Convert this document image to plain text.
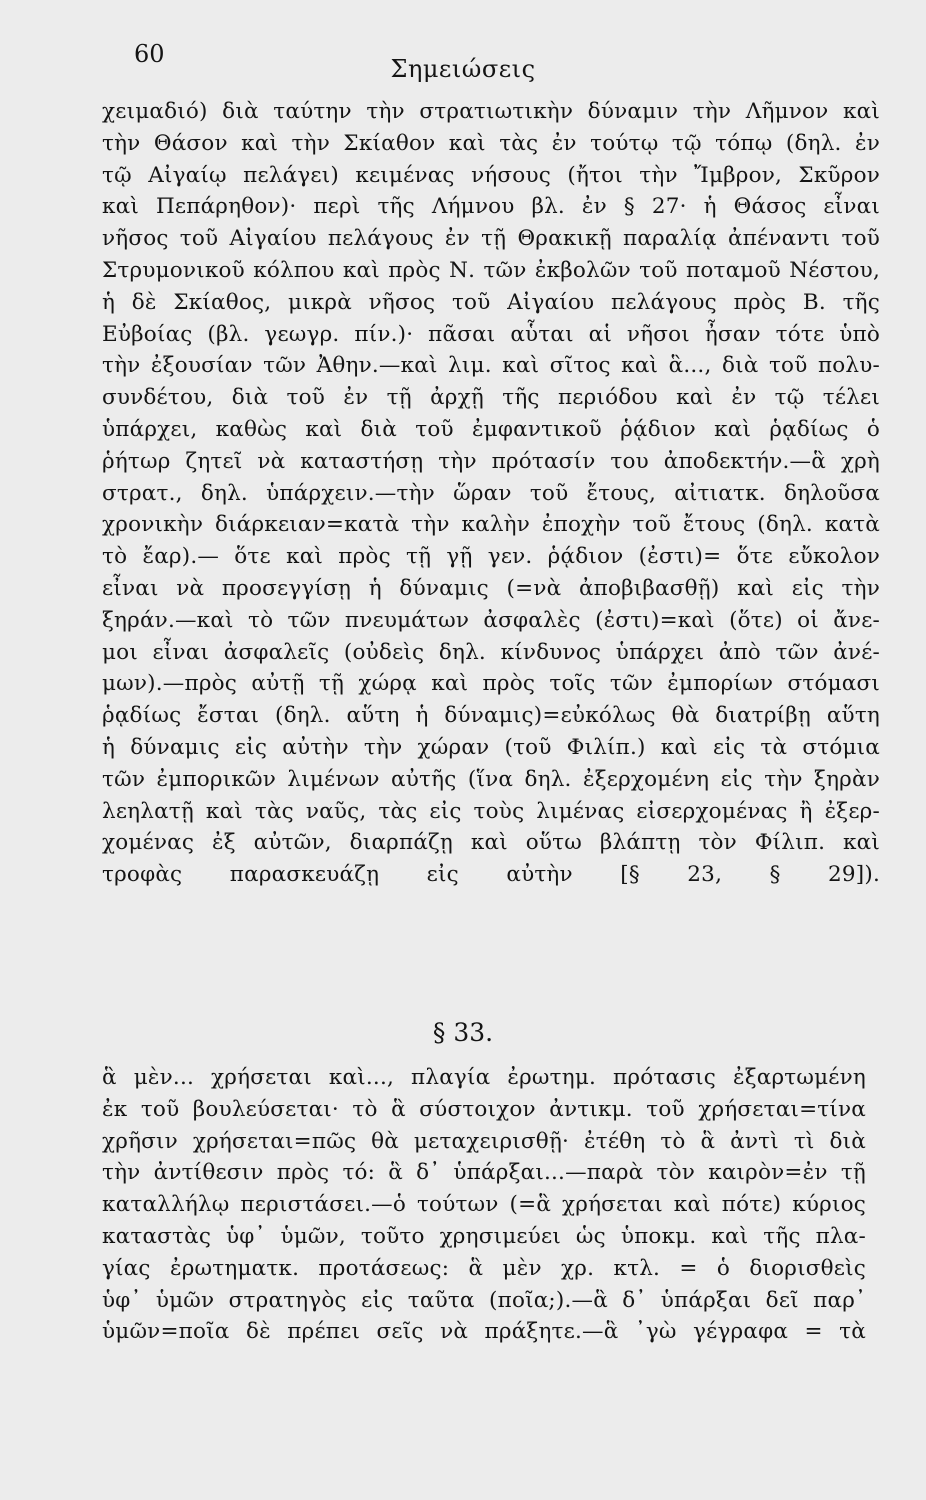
60
Σημειώσεις
χειμαδιό) διὰ ταύτην τὴν στρατιωτικὴν δύναμιν τὴν Λῆμνον καὶ
τὴν Θάσον καὶ τὴν Σκίαθον καὶ τὰς ἐν τούτῳ τῷ τόπῳ (δηλ. ἐν
τῷ Αἰγαίῳ πελάγει) κειμένας νήσους (ἤτοι τὴν Ἴμβρον, Σκῦρον
καὶ Πεπάρηθον)· περὶ τῆς Λήμνου βλ. ἐν § 27· ἡ Θάσος εἶναι
νῆσος τοῦ Αἰγαίου πελάγους ἐν τῇ Θρακικῇ παραλίᾳ ἀπέναντι τοῦ
Στρυμονικοῦ κόλπου καὶ πρὸς Ν. τῶν ἐκβολῶν τοῦ ποταμοῦ Νέστου,
ἡ δὲ Σκίαθος, μικρὰ νῆσος τοῦ Αἰγαίου πελάγους πρὸς Β. τῆς
Εὐβοίας (βλ. γεωγρ. πίν.)· πᾶσαι αὗται αἱ νῆσοι ἦσαν τότε ὑπὸ
τὴν ἐξουσίαν τῶν Ἀθην.—καὶ λιμ. καὶ σῖτος καὶ ἃ..., διὰ τοῦ πολυ-
συνδέτου, διὰ τοῦ ἐν τῇ ἀρχῇ τῆς περιόδου καὶ ἐν τῷ τέλει
ὑπάρχει, καθὼς καὶ διὰ τοῦ ἐμφαντικοῦ ῥᾴδιον καὶ ῥᾳδίως ὁ
ῥήτωρ ζητεῖ νὰ καταστήσῃ τὴν πρότασίν του ἀποδεκτήν.—ἃ χρὴ
στρατ., δηλ. ὑπάρχειν.—τὴν ὥραν τοῦ ἔτους, αἰτιατκ. δηλοῦσα
χρονικὴν διάρκειαν=κατὰ τὴν καλὴν ἐποχὴν τοῦ ἔτους (δηλ. κατὰ
τὸ ἔαρ).— ὅτε καὶ πρὸς τῇ γῇ γεν. ῥᾴδιον (ἐστι)= ὅτε εὔκολον
εἶναι νὰ προσεγγίσῃ ἡ δύναμις (=νὰ ἀποβιβασθῇ) καὶ εἰς τὴν
ξηράν.—καὶ τὸ τῶν πνευμάτων ἀσφαλὲς (ἐστι)=καὶ (ὅτε) οἱ ἄνε-
μοι εἶναι ἀσφαλεῖς (οὐδεὶς δηλ. κίνδυνος ὑπάρχει ἀπὸ τῶν ἀνέ-
μων).—πρὸς αὐτῇ τῇ χώρᾳ καὶ πρὸς τοῖς τῶν ἐμπορίων στόμασι
ῥᾳδίως ἔσται (δηλ. αὕτη ἡ δύναμις)=εὐκόλως θὰ διατρίβῃ αὕτη
ἡ δύναμις εἰς αὐτὴν τὴν χώραν (τοῦ Φιλίπ.) καὶ εἰς τὰ στόμια
τῶν ἐμπορικῶν λιμένων αὐτῆς (ἵνα δηλ. ἐξερχομένη εἰς τὴν ξηρὰν
λεηλατῇ καὶ τὰς ναῦς, τὰς εἰς τοὺς λιμένας εἰσερχομένας ἢ ἐξερ-
χομένας ἐξ αὐτῶν, διαρπάζῃ καὶ οὕτω βλάπτῃ τὸν Φίλιπ. καὶ
τροφὰς παρασκευάζῃ εἰς αὐτὴν [§ 23, § 29]).
§ 33.
ἃ μὲν... χρήσεται καὶ..., πλαγία ἐρωτημ. πρότασις ἐξαρτωμένη
ἐκ τοῦ βουλεύσεται· τὸ ἃ σύστοιχον ἀντικμ. τοῦ χρήσεται=τίνα
χρῆσιν χρήσεται=πῶς θὰ μεταχειρισθῇ· ἐτέθη τὸ ἃ ἀντὶ τὶ διὰ
τὴν ἀντίθεσιν πρὸς τό: ἃ δ᾽ ὑπάρξαι...—παρὰ τὸν καιρὸν=ἐν τῇ
καταλλήλῳ περιστάσει.—ὁ τούτων (=ἃ χρήσεται καὶ πότε) κύριος
καταστὰς ὑφ᾽ ὑμῶν, τοῦτο χρησιμεύει ὡς ὑποκμ. καὶ τῆς πλα-
γίας ἐρωτηματκ. προτάσεως: ἃ μὲν χρ. κτλ. = ὁ διορισθεὶς
ὑφ᾽ ὑμῶν στρατηγὸς εἰς ταῦτα (ποῖα;).—ἃ δ᾽ ὑπάρξαι δεῖ παρ᾽
ὑμῶν=ποῖα δὲ πρέπει σεῖς νὰ πράξητε.—ἃ ᾽γὼ γέγραφα = τὰ
